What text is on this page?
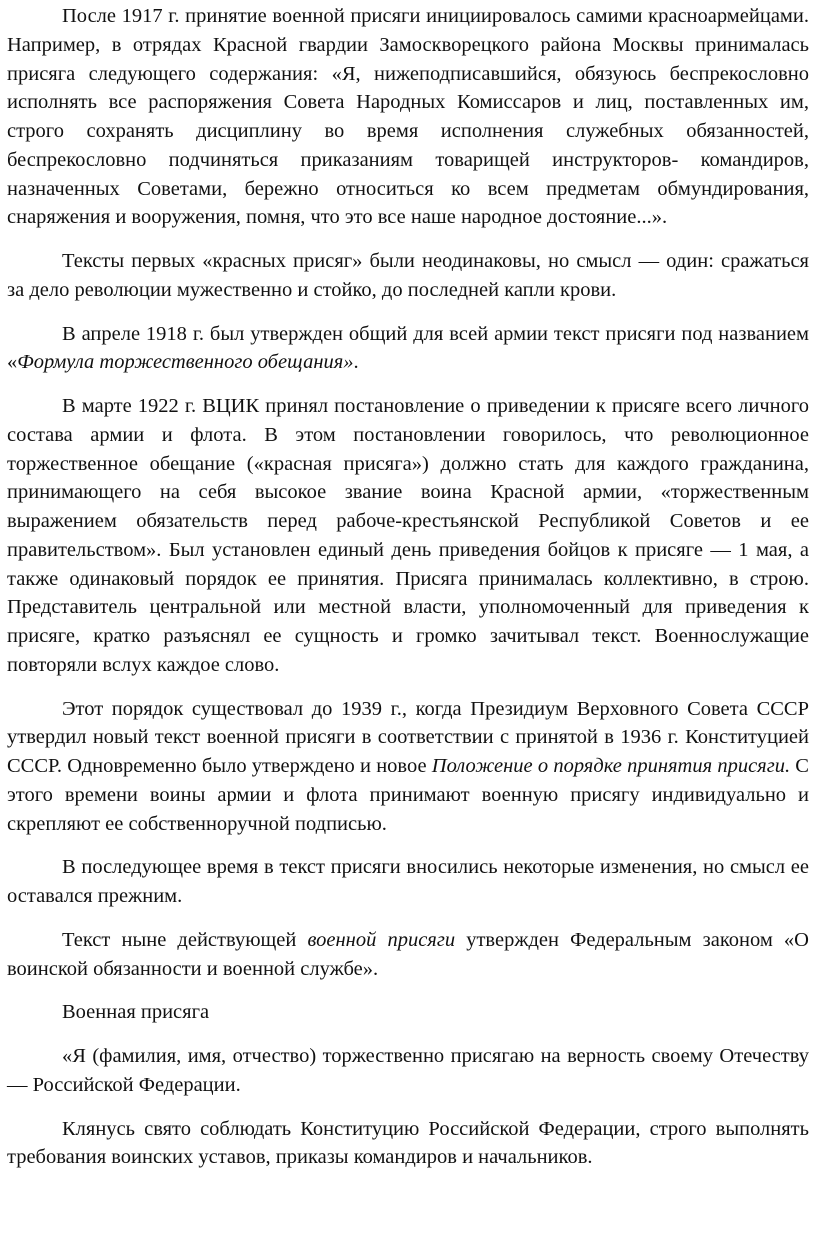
После 1917 г. принятие военной присяги инициировалось самими красноармейцами. Например, в отрядах Красной гвардии Замоскворецкого района Москвы принималась присяга следующего содержания: «Я, нижеподписавшийся, обязуюсь беспрекословно исполнять все распоряжения Совета Народных Комиссаров и лиц, поставленных им, строго сохранять дисциплину во время исполнения служебных обязанностей, беспрекословно подчиняться приказаниям товарищей инструкторов- командиров, назначенных Советами, бережно относиться ко всем предметам обмундирования, снаряжения и вооружения, помня, что это все наше народное достояние...».

Тексты первых «красных присяг» были неодинаковы, но смысл — один: сражаться за дело революции мужественно и стойко, до последней капли крови.

В апреле 1918 г. был утвержден общий для всей армии текст присяги под названием «Формула торжественного обещания».

В марте 1922 г. ВЦИК принял постановление о приведении к присяге всего личного состава армии и флота. В этом постановлении говорилось, что революционное торжественное обещание («красная присяга») должно стать для каждого гражданина, принимающего на себя высокое звание воина Красной армии, «торжественным выражением обязательств перед рабоче-крестьянской Республикой Советов и ее правительством». Был установлен единый день приведения бойцов к присяге — 1 мая, а также одинаковый порядок ее принятия. Присяга принималась коллективно, в строю. Представитель центральной или местной власти, уполномоченный для приведения к присяге, кратко разъяснял ее сущность и громко зачитывал текст. Военнослужащие повторяли вслух каждое слово.

Этот порядок существовал до 1939 г., когда Президиум Верховного Совета СССР утвердил новый текст военной присяги в соответствии с принятой в 1936 г. Конституцией СССР. Одновременно было утверждено и новое Положение о порядке принятия присяги. С этого времени воины армии и флота принимают военную присягу индивидуально и скрепляют ее собственноручной подписью.

В последующее время в текст присяги вносились некоторые изменения, но смысл ее оставался прежним.

Текст ныне действующей военной присяги утвержден Федеральным законом «О воинской обязанности и военной службе».

Военная присяга

«Я (фамилия, имя, отчество) торжественно присягаю на верность своему Отечеству — Российской Федерации.

Клянусь свято соблюдать Конституцию Российской Федерации, строго выполнять требования воинских уставов, приказы командиров и начальников.
